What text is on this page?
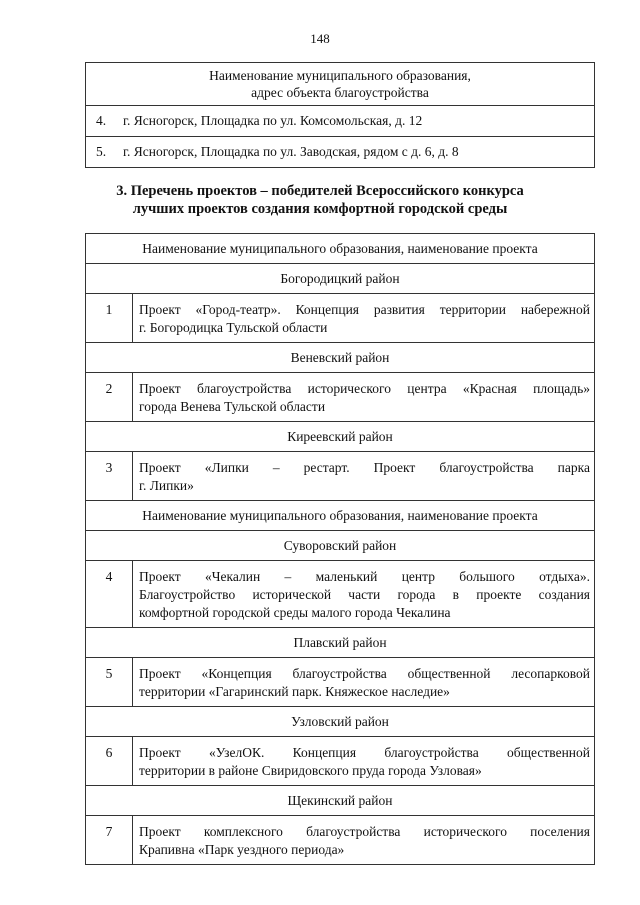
148
Наименование муниципального образования,
адрес объекта благоустройства

4. г. Ясногорск, Площадка по ул. Комсомольская, д. 12
5. г. Ясногорск, Площадка по ул. Заводская, рядом с д. 6, д. 8
3. Перечень проектов – победителей Всероссийского конкурса
лучших проектов создания комфортной городской среды
Наименование муниципального образования, наименование проекта	
Богородицкий район	
1	Проект «Город-театр». Концепция развития территории набережной
г. Богородицка Тульской области

Веневский район	
2	Проект благоустройства исторического центра «Красная площадь»
города Венева Тульской области

Киреевский район	
3	Проект «Липки – рестарт. Проект благоустройства парка
г. Липки»

Наименование муниципального образования, наименование проекта	
Суворовский район	
4	Проект «Чекалин – маленький центр большого отдыха».
Благоустройство исторической части города в проекте создания
комфортной городской среды малого города Чекалина

Плавский район	
5	Проект «Концепция благоустройства общественной лесопарковой
территории «Гагаринский парк. Княжеское наследие»

Узловский район	
6	Проект «УзелОК. Концепция благоустройства общественной
территории в районе Свиридовского пруда города Узловая»

Щекинский район	
7	Проект комплексного благоустройства исторического поселения
Крапивна «Парк уездного периода»
